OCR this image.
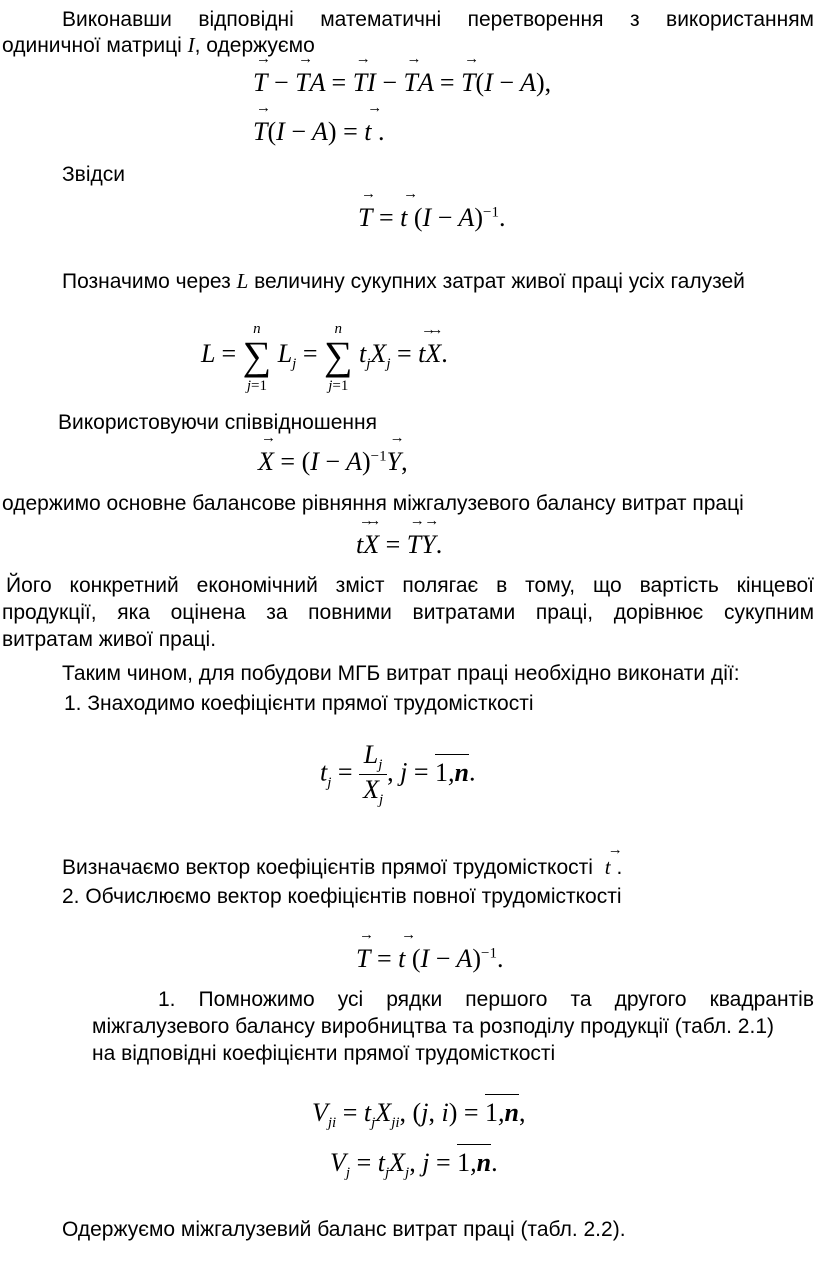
Виконавши відповідні математичні перетворення з використанням
одиничної матриці I, одержуємо
→ T − → TA = → TI − → TA = → T(I − A),
→ T(I − A) = → t .
Звідси
→ T = → t $(I - A)^{-1}$.
Позначимо через L величину сукупних затрат живої праці усіх галузей
L = ∑
n
j=1
$L_j$ = ∑
n
j=1
$t_jX_j$ = → t→ X.
Використовуючи співвідношення
→ $X = (I - A)^{-1}\to Y$,
одержимо основне балансове рівняння міжгалузевого балансу витрат праці
→ t→ X = → T→ Y.
Його конкретний економічний зміст полягає в тому, що вартість кінцевої
продукції, яка оцінена за повними витратами праці, дорівнює сукупним
витратам живої праці.
Таким чином, для побудови МГБ витрат праці необхідно виконати дії:
1. Знаходимо коефіцієнти прямої трудомісткості
$t_j = \frac{L_j}{X_j}$ , j = 1,n.
Визначаємо вектор коефіцієнтів прямої трудомісткості → t .
2. Обчислюємо вектор коефіцієнтів повної трудомісткості
→ T = → t $(I - A)^{-1}$.
1. Помножимо усі рядки першого та другого квадрантів
міжгалузевого балансу виробництва та розподілу продукції (табл. 2.1)
на відповідні коефіцієнти прямої трудомісткості
$V_{ji} = t_jX_{ji}$, (j, i) = 1,n,
$V_j = t_jX_j$, j = 1,n.
Одержуємо міжгалузевий баланс витрат праці (табл. 2.2).
